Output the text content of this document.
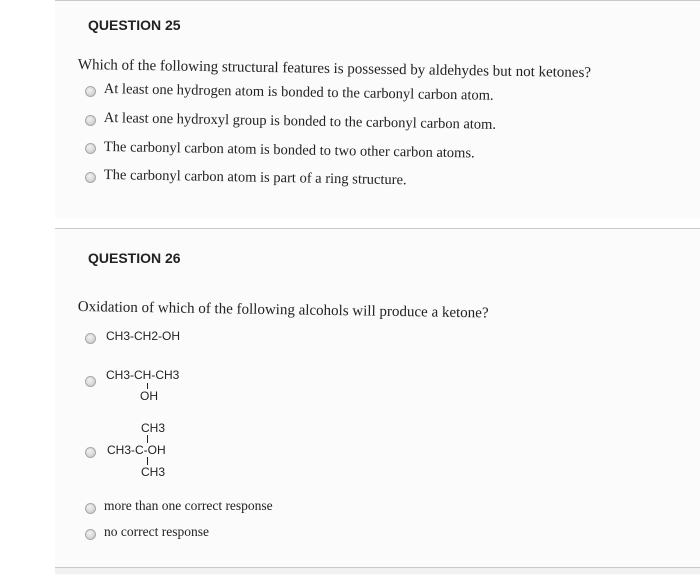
QUESTION 25
Which of the following structural features is possessed by aldehydes but not ketones?
At least one hydrogen atom is bonded to the carbonyl carbon atom.
At least one hydroxyl group is bonded to the carbonyl carbon atom.
The carbonyl carbon atom is bonded to two other carbon atoms.
The carbonyl carbon atom is part of a ring structure.
QUESTION 26
Oxidation of which of the following alcohols will produce a ketone?
CH3-CH2-OH
CH3-CH-CH3
OH
CH3
CH3-C-OH
CH3
more than one correct response
no correct response
